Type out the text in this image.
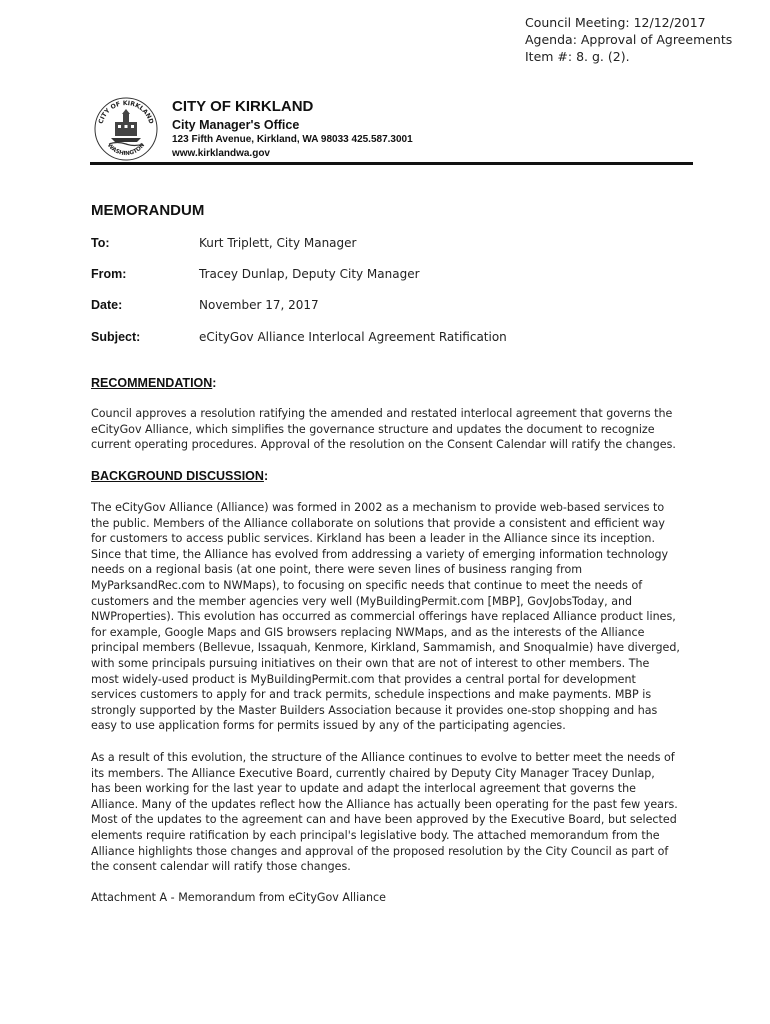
Council Meeting: 12/12/2017
Agenda: Approval of Agreements
Item #: 8. g. (2).
CITY OF KIRKLAND
WASHINGTON
CITY OF KIRKLAND
City Manager's Office
123 Fifth Avenue, Kirkland, WA 98033 425.587.3001
www.kirklandwa.gov
MEMORANDUM
To:	Kurt Triplett, City Manager
From:	Tracey Dunlap, Deputy City Manager
Date:	November 17, 2017
Subject:	eCityGov Alliance Interlocal Agreement Ratification
RECOMMENDATION:
Council approves a resolution ratifying the amended and restated interlocal agreement that governs the
eCityGov Alliance, which simplifies the governance structure and updates the document to recognize
current operating procedures. Approval of the resolution on the Consent Calendar will ratify the changes.
BACKGROUND DISCUSSION:
The eCityGov Alliance (Alliance) was formed in 2002 as a mechanism to provide web-based services to
the public. Members of the Alliance collaborate on solutions that provide a consistent and efficient way
for customers to access public services. Kirkland has been a leader in the Alliance since its inception.
Since that time, the Alliance has evolved from addressing a variety of emerging information technology
needs on a regional basis (at one point, there were seven lines of business ranging from
MyParksandRec.com to NWMaps), to focusing on specific needs that continue to meet the needs of
customers and the member agencies very well (MyBuildingPermit.com [MBP], GovJobsToday, and
NWProperties). This evolution has occurred as commercial offerings have replaced Alliance product lines,
for example, Google Maps and GIS browsers replacing NWMaps, and as the interests of the Alliance
principal members (Bellevue, Issaquah, Kenmore, Kirkland, Sammamish, and Snoqualmie) have diverged,
with some principals pursuing initiatives on their own that are not of interest to other members. The
most widely-used product is MyBuildingPermit.com that provides a central portal for development
services customers to apply for and track permits, schedule inspections and make payments. MBP is
strongly supported by the Master Builders Association because it provides one-stop shopping and has
easy to use application forms for permits issued by any of the participating agencies.
As a result of this evolution, the structure of the Alliance continues to evolve to better meet the needs of
its members. The Alliance Executive Board, currently chaired by Deputy City Manager Tracey Dunlap,
has been working for the last year to update and adapt the interlocal agreement that governs the
Alliance. Many of the updates reflect how the Alliance has actually been operating for the past few years.
Most of the updates to the agreement can and have been approved by the Executive Board, but selected
elements require ratification by each principal's legislative body. The attached memorandum from the
Alliance highlights those changes and approval of the proposed resolution by the City Council as part of
the consent calendar will ratify those changes.
Attachment A - Memorandum from eCityGov Alliance
